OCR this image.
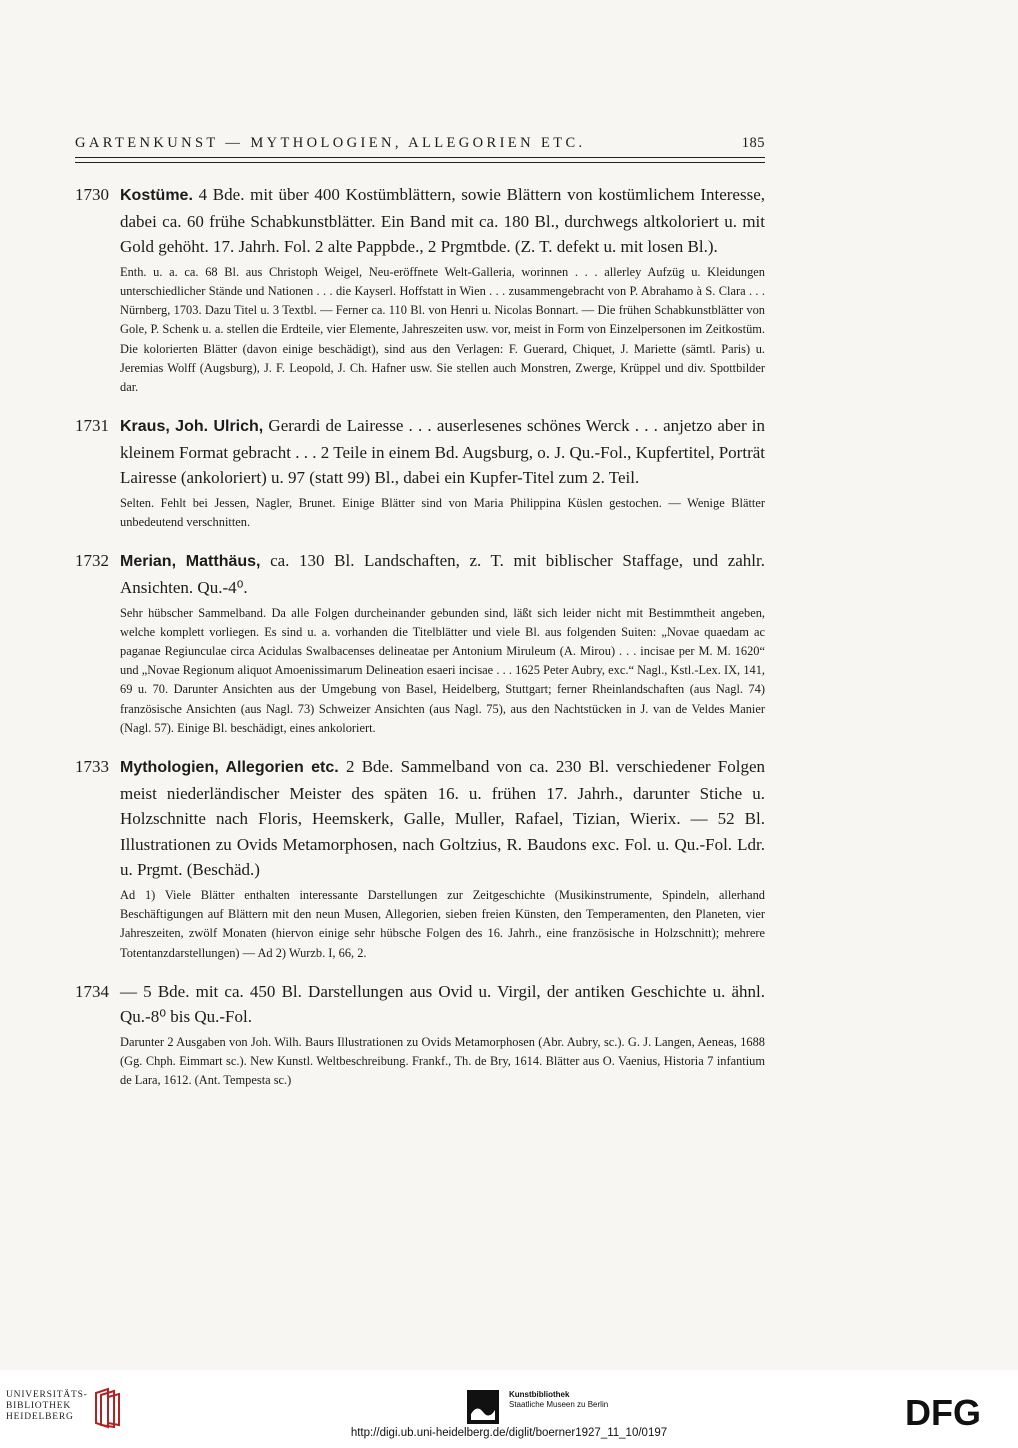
GARTENKUNST — MYTHOLOGIEN, ALLEGORIEN ETC.	185
1730 Kostüme. 4 Bde. mit über 400 Kostümblättern, sowie Blättern von kostümlichem Interesse, dabei ca. 60 frühe Schabkunstblätter. Ein Band mit ca. 180 Bl., durchwegs altkoloriert u. mit Gold gehöht. 17. Jahrh. Fol. 2 alte Pappbde., 2 Prgmtbde. (Z. T. defekt u. mit losen Bl.).
Enth. u. a. ca. 68 Bl. aus Christoph Weigel, Neu-eröffnete Welt-Galleria, worinnen . . . allerley Aufzüg u. Kleidungen unterschiedlicher Stände und Nationen . . . die Kayserl. Hoffstatt in Wien . . . zusammengebracht von P. Abrahamo à S. Clara . . . Nürnberg, 1703. Dazu Titel u. 3 Textbl. — Ferner ca. 110 Bl. von Henri u. Nicolas Bonnart. — Die frühen Schabkunstblätter von Gole, P. Schenk u. a. stellen die Erdteile, vier Elemente, Jahreszeiten usw. vor, meist in Form von Einzelpersonen im Zeitkostüm. Die kolorierten Blätter (davon einige beschädigt), sind aus den Verlagen: F. Guerard, Chiquet, J. Mariette (sämtl. Paris) u. Jeremias Wolff (Augsburg), J. F. Leopold, J. Ch. Hafner usw. Sie stellen auch Monstren, Zwerge, Krüppel und div. Spottbilder dar.
1731 Kraus, Joh. Ulrich, Gerardi de Lairesse . . . auserlesenes schönes Werck . . . anjetzo aber in kleinem Format gebracht . . . 2 Teile in einem Bd. Augsburg, o. J. Qu.-Fol., Kupfertitel, Porträt Lairesse (ankoloriert) u. 97 (statt 99) Bl., dabei ein Kupfer-Titel zum 2. Teil.
Selten. Fehlt bei Jessen, Nagler, Brunet. Einige Blätter sind von Maria Philippina Küslen gestochen. — Wenige Blätter unbedeutend verschnitten.
1732 Merian, Matthäus, ca. 130 Bl. Landschaften, z. T. mit biblischer Staffage, und zahlr. Ansichten. Qu.-4⁰.
Sehr hübscher Sammelband. Da alle Folgen durcheinander gebunden sind, läßt sich leider nicht mit Bestimmtheit angeben, welche komplett vorliegen. Es sind u. a. vorhanden die Titelblätter und viele Bl. aus folgenden Suiten: „Novae quaedam ac paganae Regiunculae circa Acidulas Swalbacenses delineatae per Antonium Miruleum (A. Mirou) . . . incisae per M. M. 1620“ und „Novae Regionum aliquot Amoenissimarum Delineation esaeri incisae . . . 1625 Peter Aubry, exc.“ Nagl., Kstl.-Lex. IX, 141, 69 u. 70. Darunter Ansichten aus der Umgebung von Basel, Heidelberg, Stuttgart; ferner Rheinlandschaften (aus Nagl. 74) französische Ansichten (aus Nagl. 73) Schweizer Ansichten (aus Nagl. 75), aus den Nachtstücken in J. van de Veldes Manier (Nagl. 57). Einige Bl. beschädigt, eines ankoloriert.
1733 Mythologien, Allegorien etc. 2 Bde. Sammelband von ca. 230 Bl. verschiedener Folgen meist niederländischer Meister des späten 16. u. frühen 17. Jahrh., darunter Stiche u. Holzschnitte nach Floris, Heemskerk, Galle, Muller, Rafael, Tizian, Wierix. — 52 Bl. Illustrationen zu Ovids Metamorphosen, nach Goltzius, R. Baudons exc. Fol. u. Qu.-Fol. Ldr. u. Prgmt. (Beschäd.)
Ad 1) Viele Blätter enthalten interessante Darstellungen zur Zeitgeschichte (Musikinstrumente, Spindeln, allerhand Beschäftigungen auf Blättern mit den neun Musen, Allegorien, sieben freien Künsten, den Temperamenten, den Planeten, vier Jahreszeiten, zwölf Monaten (hiervon einige sehr hübsche Folgen des 16. Jahrh., eine französische in Holzschnitt); mehrere Totentanzdarstellungen) — Ad 2) Wurzb. I, 66, 2.
1734 — 5 Bde. mit ca. 450 Bl. Darstellungen aus Ovid u. Virgil, der antiken Geschichte u. ähnl. Qu.-8⁰ bis Qu.-Fol.
Darunter 2 Ausgaben von Joh. Wilh. Baurs Illustrationen zu Ovids Metamorphosen (Abr. Aubry, sc.). G. J. Langen, Aeneas, 1688 (Gg. Chph. Eimmart sc.). New Kunstl. Weltbeschreibung. Frankf., Th. de Bry, 1614. Blätter aus O. Vaenius, Historia 7 infantium de Lara, 1612. (Ant. Tempesta sc.)
UNIVERSITÄTS-
BIBLIOTHEK
HEIDELBERG
Kunstbibliothek
Staatliche Museen zu Berlin	DFG
http://digi.ub.uni-heidelberg.de/diglit/boerner1927_11_10/0197
